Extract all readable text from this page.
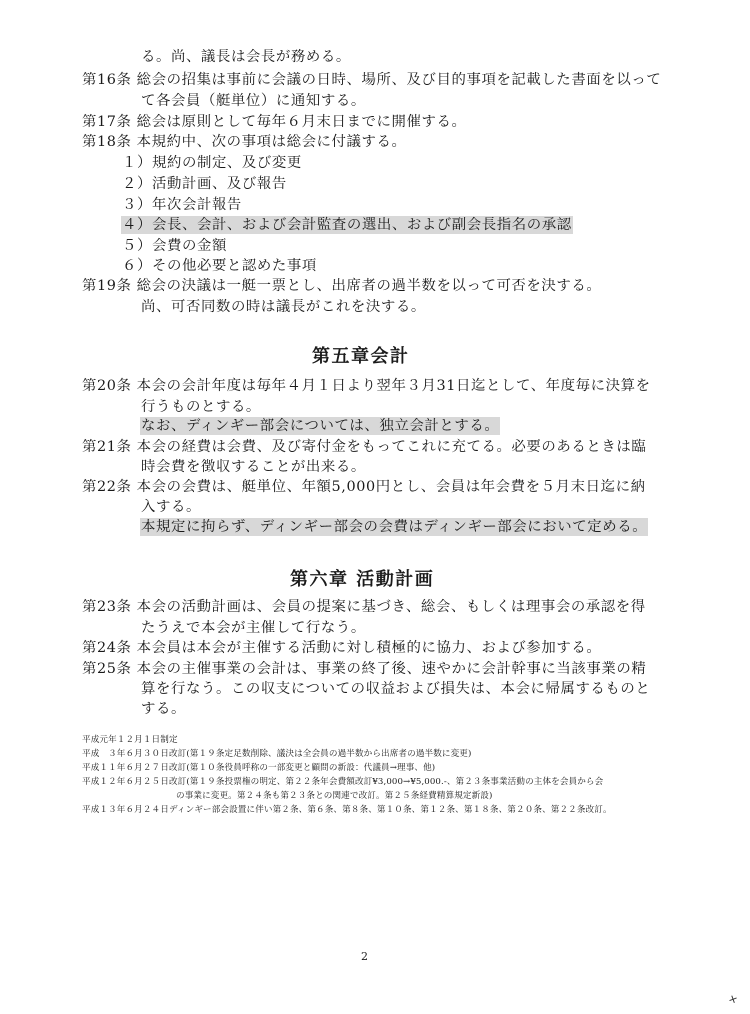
る。尚、議長は会長が務める。
第16条 総会の招集は事前に会議の日時、場所、及び目的事項を記載した書面を以って
て各会員（艇単位）に通知する。
第17条 総会は原則として毎年６月末日までに開催する。
第18条 本規約中、次の事項は総会に付議する。
１）規約の制定、及び変更
２）活動計画、及び報告
３）年次会計報告
４）会長、会計、および会計監査の選出、および副会長指名の承認
５）会費の金額
６）その他必要と認めた事項
第19条 総会の決議は一艇一票とし、出席者の過半数を以って可否を決する。
尚、可否同数の時は議長がこれを決する。
第20条 本会の会計年度は毎年４月１日より翌年３月31日迄として、年度毎に決算を
行うものとする。
なお、ディンギー部会については、独立会計とする。
第21条 本会の経費は会費、及び寄付金をもってこれに充てる。必要のあるときは臨
時会費を徴収することが出来る。
第22条 本会の会費は、艇単位、年額5,000円とし、会員は年会費を５月末日迄に納
入する。
本規定に拘らず、ディンギー部会の会費はディンギー部会において定める。
第23条 本会の活動計画は、会員の提案に基づき、総会、もしくは理事会の承認を得
たうえで本会が主催して行なう。
第24条 本会員は本会が主催する活動に対し積極的に協力、および参加する。
第25条 本会の主催事業の会計は、事業の終了後、速やかに会計幹事に当該事業の精
算を行なう。この収支についての収益および損失は、本会に帰属するものと
する。
第五章会計
第六章 活動計画
平成元年１２月１日制定
平成　３年６月３０日改訂(第１９条定足数削除、議決は全会員の過半数から出席者の過半数に変更)
平成１１年６月２７日改訂(第１０条役員呼称の一部変更と顧問の新設：代議員→理事、他)
平成１２年６月２５日改訂(第１９条投票権の明定、第２２条年会費額改訂¥3,000→¥5,000.-、第２３条事業活動の主体を会員から会
の事業に変更。第２４条も第２３条との関連で改訂。第２５条経費精算規定新設)
平成１３年６月２４日ディンギー部会設置に伴い第２条、第６条、第８条、第１０条、第１２条、第１８条、第２０条、第２２条改訂。
2
+
